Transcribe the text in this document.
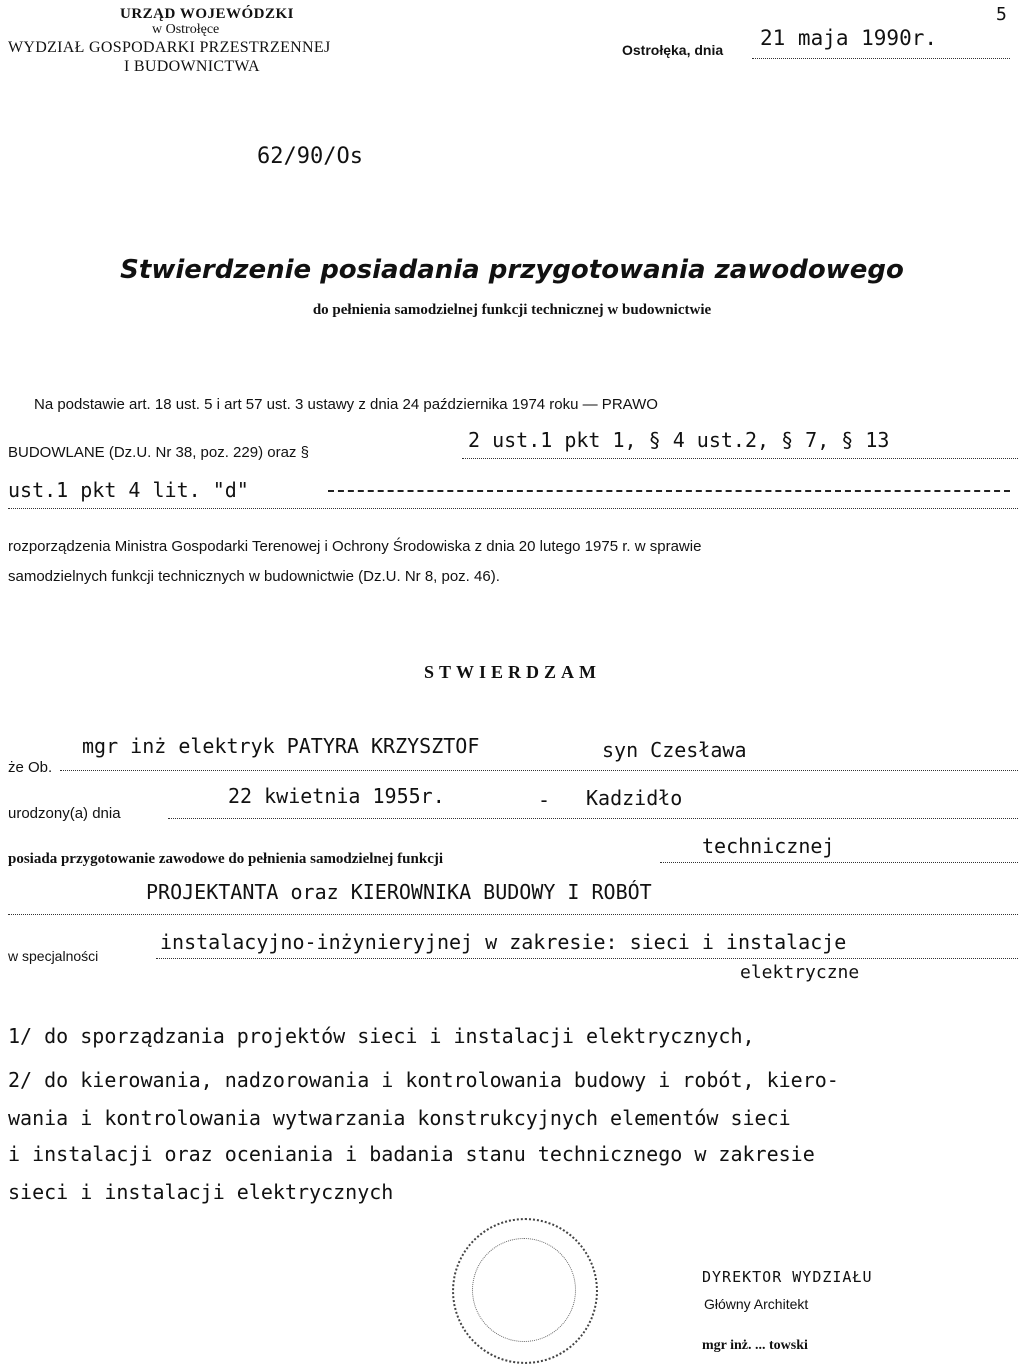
URZĄD WOJEWÓDZKI
w Ostrołęce
WYDZIAŁ GOSPODARKI PRZESTRZENNEJ
I BUDOWNICTWA
Ostrołęka, dnia 21 maja 1990r.
5
62/90/Os
Stwierdzenie posiadania przygotowania zawodowego
do pełnienia samodzielnej funkcji technicznej w budownictwie
Na podstawie art. 18 ust. 5 i art 57 ust. 3 ustawy z dnia 24 października 1974 roku — PRAWO
BUDOWLANE (Dz.U. Nr 38, poz. 229) oraz §
2 ust.1 pkt 1, § 4 ust.2, § 7, § 13
ust.1 pkt 4 lit. "d"
rozporządzenia Ministra Gospodarki Terenowej i Ochrony Środowiska z dnia 20 lutego 1975 r. w sprawie
samodzielnych funkcji technicznych w budownictwie (Dz.U. Nr 8, poz. 46).
STWIERDZAM
że Ob.
mgr inż elektryk PATYRA KRZYSZTOF	syn Czesława
urodzony(a) dnia
22 kwietnia 1955r.	- Kadzidło
posiada przygotowanie zawodowe do pełnienia samodzielnej funkcji
technicznej
PROJEKTANTA oraz KIEROWNIKA BUDOWY I ROBÓT
w specjalności
instalacyjno-inżynieryjnej w zakresie: sieci i instalacje
elektryczne
1/ do sporządzania projektów sieci i instalacji elektrycznych,
2/ do kierowania, nadzorowania i kontrolowania budowy i robót, kiero-
wania i kontrolowania wytwarzania konstrukcyjnych elementów sieci
i instalacji oraz oceniania i badania stanu technicznego w zakresie
sieci i instalacji elektrycznych
DYREKTOR WYDZIAŁU
Główny Architekt
mgr inż. ... towski
